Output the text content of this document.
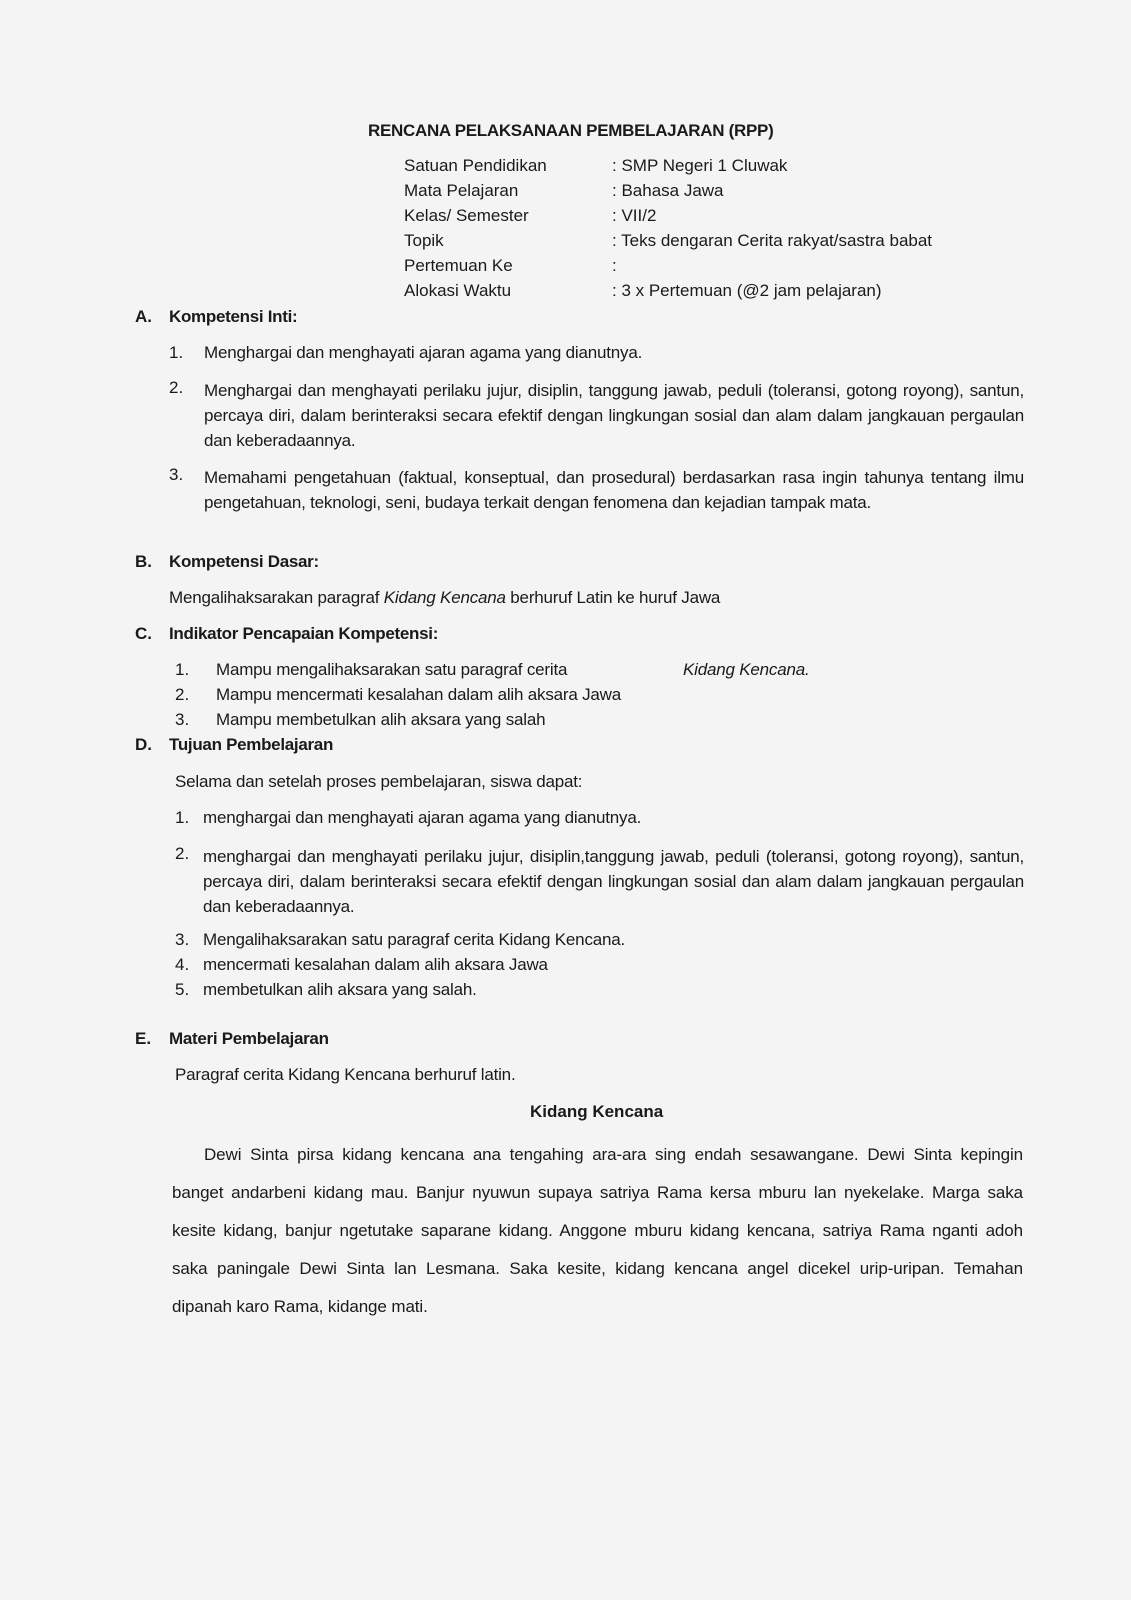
RENCANA PELAKSANAAN PEMBELAJARAN (RPP)
Satuan Pendidikan	: SMP Negeri 1 Cluwak
Mata Pelajaran	: Bahasa Jawa
Kelas/ Semester	: VII/2
Topik	: Teks dengaran Cerita rakyat/sastra babat
Pertemuan Ke	:
Alokasi Waktu	: 3 x Pertemuan (@2 jam pelajaran)
A. Kompetensi Inti:
1. Menghargai dan menghayati ajaran agama yang dianutnya.
2. Menghargai dan menghayati perilaku jujur, disiplin, tanggung jawab, peduli (toleransi, gotong royong), santun, percaya diri, dalam berinteraksi secara efektif dengan lingkungan sosial dan alam dalam jangkauan pergaulan dan keberadaannya.
3. Memahami pengetahuan (faktual, konseptual, dan prosedural) berdasarkan rasa ingin tahunya tentang ilmu pengetahuan, teknologi, seni, budaya terkait dengan fenomena dan kejadian tampak mata.
B. Kompetensi Dasar:
Mengalihaksarakan paragraf Kidang Kencana berhuruf Latin ke huruf Jawa
C. Indikator Pencapaian Kompetensi:
1. Mampu mengalihaksarakan satu paragraf cerita	Kidang Kencana.
2. Mampu mencermati kesalahan dalam alih aksara Jawa
3. Mampu membetulkan alih aksara yang salah
D. Tujuan Pembelajaran
Selama dan setelah proses pembelajaran, siswa dapat:
1. menghargai dan menghayati ajaran agama yang dianutnya.
2. menghargai dan menghayati perilaku jujur, disiplin,tanggung jawab, peduli (toleransi, gotong royong), santun, percaya diri, dalam berinteraksi secara efektif dengan lingkungan sosial dan alam dalam jangkauan pergaulan dan keberadaannya.
3. Mengalihaksarakan satu paragraf cerita Kidang Kencana.
4. mencermati kesalahan dalam alih aksara Jawa
5. membetulkan alih aksara yang salah.
E. Materi Pembelajaran
Paragraf cerita Kidang Kencana berhuruf latin.
Kidang Kencana
Dewi Sinta pirsa kidang kencana ana tengahing ara-ara sing endah sesawangane. Dewi Sinta kepingin banget andarbeni kidang mau. Banjur nyuwun supaya satriya Rama kersa mburu lan nyekelake. Marga saka kesite kidang, banjur ngetutake saparane kidang. Anggone mburu kidang kencana, satriya Rama nganti adoh saka paningale Dewi Sinta lan Lesmana. Saka kesite, kidang kencana angel dicekel urip-uripan. Temahan dipanah karo Rama, kidange mati.
